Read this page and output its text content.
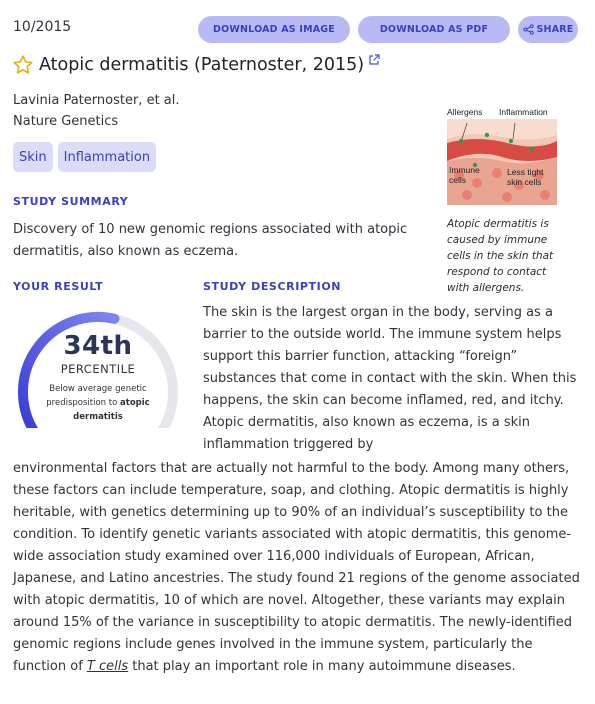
10/2015	DOWNLOAD AS IMAGE	DOWNLOAD AS PDF	SHARE
Atopic dermatitis (Paternoster, 2015)
Lavinia Paternoster, et al.
Nature Genetics
Skin	Inflammation
STUDY SUMMARY
Discovery of 10 new genomic regions associated with atopic dermatitis, also known as eczema.
Allergens Inflammation
Immune
cells
Less tight
skin cells
Atopic dermatitis is caused by immune cells in the skin that respond to contact with allergens.
YOUR RESULT	STUDY DESCRIPTION
34th
PERCENTILE
Below average genetic predisposition to atopic dermatitis
The skin is the largest organ in the body, serving as a barrier to the outside world. The immune system helps support this barrier function, attacking “foreign” substances that come in contact with the skin. When this happens, the skin can become inflamed, red, and itchy. Atopic dermatitis, also known as eczema, is a skin inflammation triggered by
environmental factors that are actually not harmful to the body. Among many others, these factors can include temperature, soap, and clothing. Atopic dermatitis is highly heritable, with genetics determining up to 90% of an individual’s susceptibility to the condition. To identify genetic variants associated with atopic dermatitis, this genome-wide association study examined over 116,000 individuals of European, African, Japanese, and Latino ancestries. The study found 21 regions of the genome associated with atopic dermatitis, 10 of which are novel. Altogether, these variants may explain around 15% of the variance in susceptibility to atopic dermatitis. The newly-identified genomic regions include genes involved in the immune system, particularly the function of T cells that play an important role in many autoimmune diseases.
